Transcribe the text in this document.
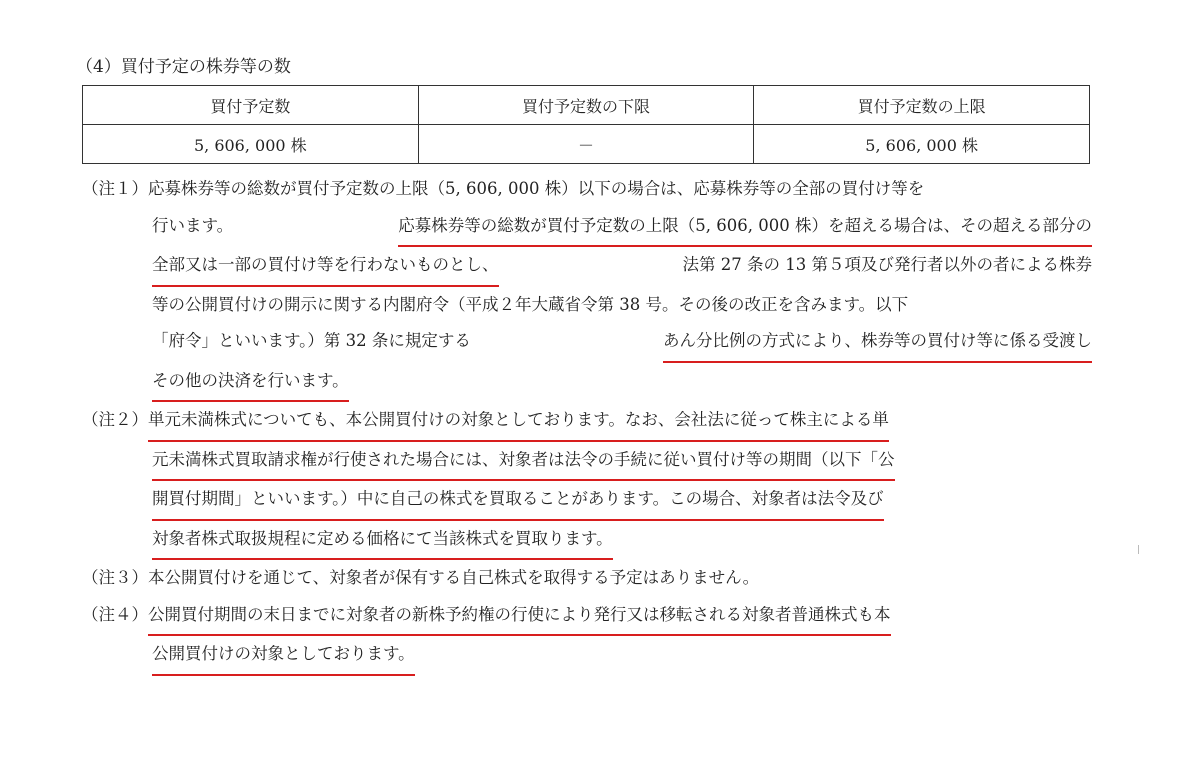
（4）買付予定の株券等の数
買付予定数	買付予定数の下限	買付予定数の上限
5, 606, 000 株	－	5, 606, 000 株
（注１） 応募株券等の総数が買付予定数の上限（5, 606, 000 株）以下の場合は、応募株券等の全部の買付け等を
行います。	応募株券等の総数が買付予定数の上限（5, 606, 000 株）を超える場合は、その超える部分の
全部又は一部の買付け等を行わないものとし、	法第 27 条の 13 第５項及び発行者以外の者による株券
等の公開買付けの開示に関する内閣府令（平成２年大蔵省令第 38 号。その後の改正を含みます。以下
「府令」といいます。）第 32 条に規定する	あん分比例の方式により、株券等の買付け等に係る受渡し
その他の決済を行います。
（注２） 単元未満株式についても、本公開買付けの対象としております。なお、会社法に従って株主による単
元未満株式買取請求権が行使された場合には、対象者は法令の手続に従い買付け等の期間（以下「公
開買付期間」といいます。）中に自己の株式を買取ることがあります。この場合、対象者は法令及び
対象者株式取扱規程に定める価格にて当該株式を買取ります。
（注３） 本公開買付けを通じて、対象者が保有する自己株式を取得する予定はありません。
（注４） 公開買付期間の末日までに対象者の新株予約権の行使により発行又は移転される対象者普通株式も本
公開買付けの対象としております。
